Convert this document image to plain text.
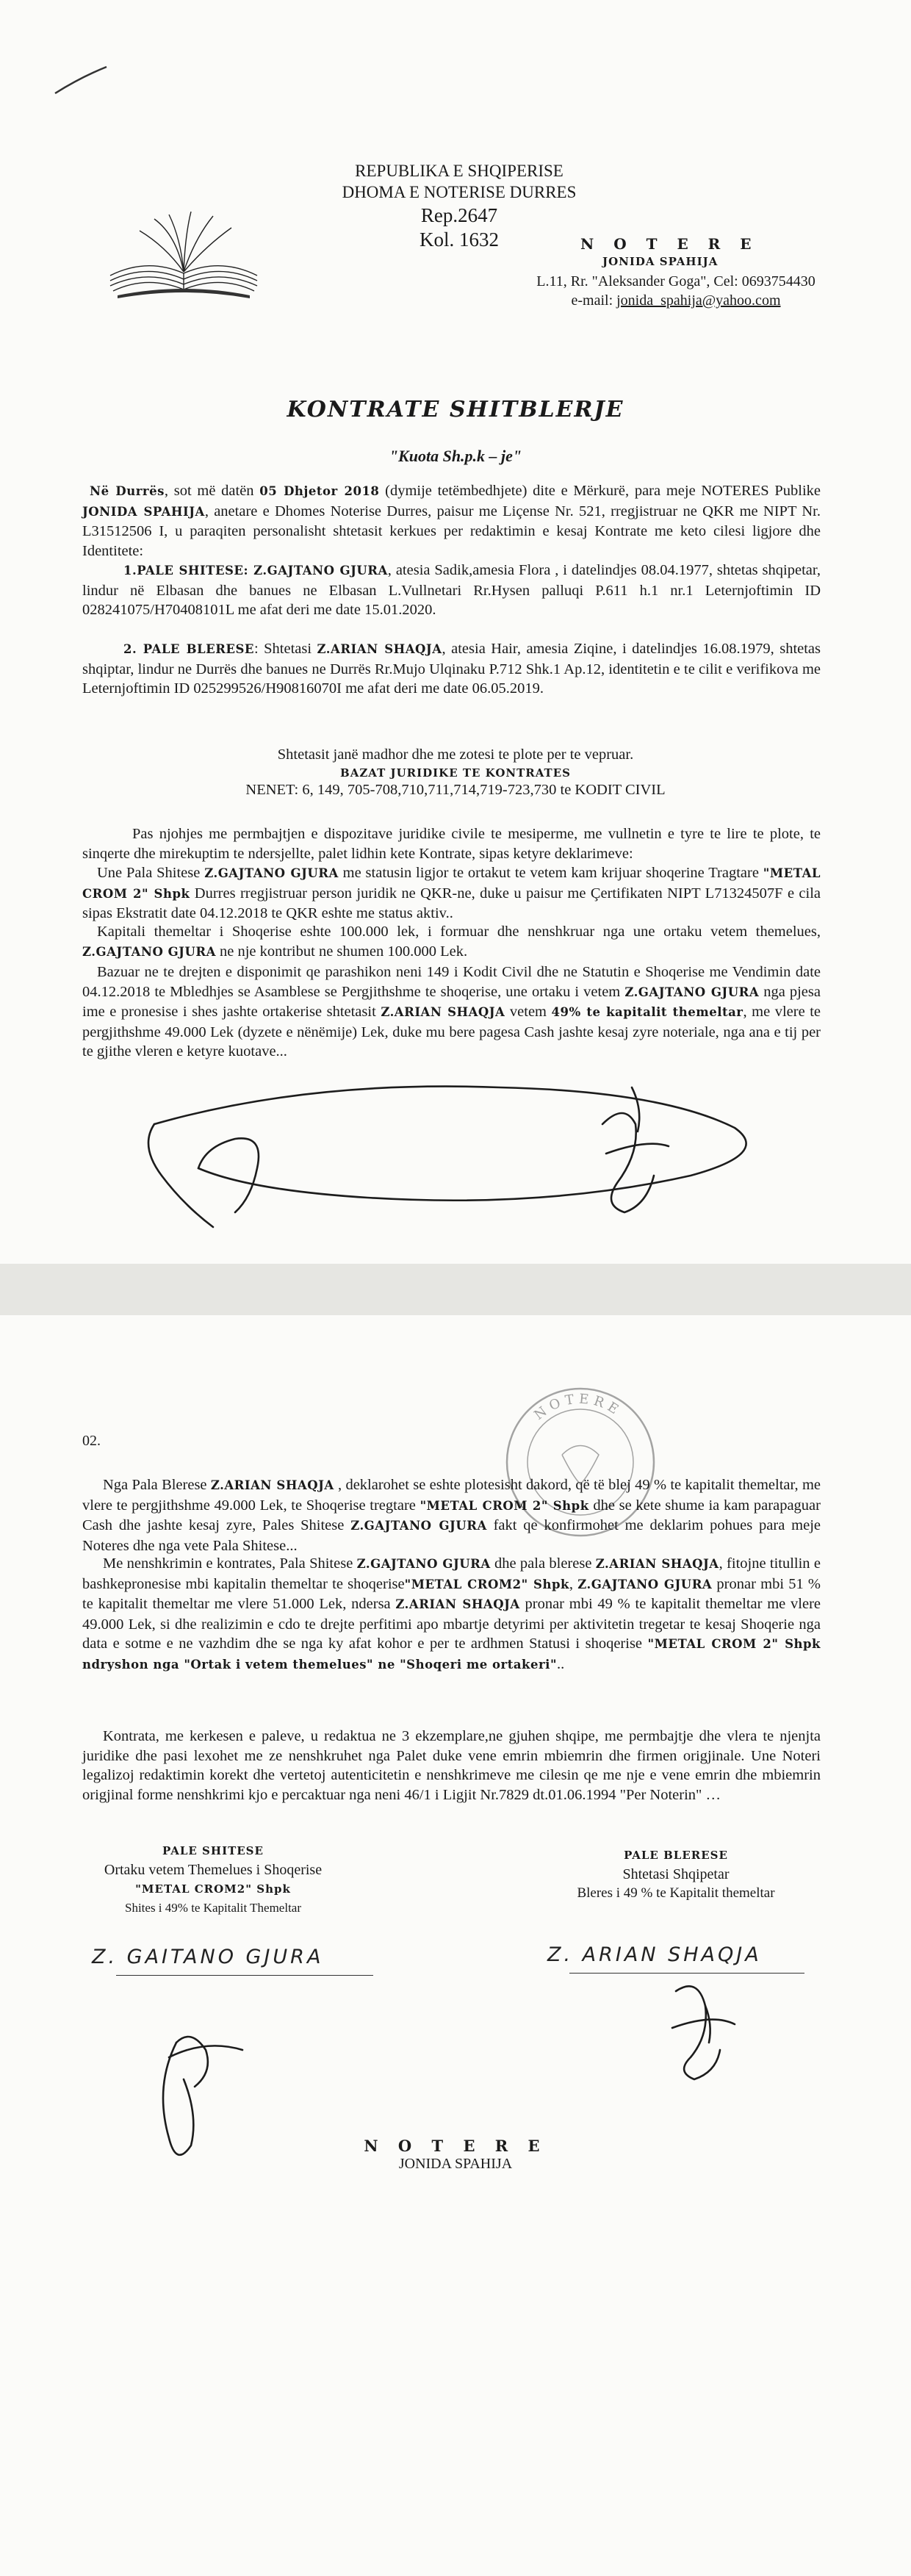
REPUBLIKA E SHQIPERISE
DHOMA E NOTERISE DURRES
Rep.2647
Kol. 1632	N O T E R E
JONIDA SPAHIJA
L.11, Rr. "Aleksander Goga", Cel: 0693754430
e-mail: jonida_spahija@yahoo.com
KONTRATE SHITBLERJE
"Kuota Sh.p.k – je"
Në Durrës, sot më datën 05 Dhjetor 2018 (dymije tetëmbedhjete) dite e Mërkurë, para meje NOTERES Publike JONIDA SPAHIJA, anetare e Dhomes Noterise Durres, paisur me Liçense Nr. 521, rregjistruar ne QKR me NIPT Nr. L31512506 I, u paraqiten personalisht shtetasit kerkues per redaktimin e kesaj Kontrate me keto cilesi ligjore dhe Identitete:
1.PALE SHITESE: Z.GAJTANO GJURA, atesia Sadik,amesia Flora , i datelindjes 08.04.1977, shtetas shqipetar, lindur në Elbasan dhe banues ne Elbasan L.Vullnetari Rr.Hysen palluqi P.611 h.1 nr.1 Leternjoftimin ID 028241075/H70408101L me afat deri me date 15.01.2020.
2. PALE BLERESE: Shtetasi Z.ARIAN SHAQJA, atesia Hair, amesia Ziqine, i datelindjes 16.08.1979, shtetas shqiptar, lindur ne Durrës dhe banues ne Durrës Rr.Mujo Ulqinaku P.712 Shk.1 Ap.12, identitetin e te cilit e verifikova me Leternjoftimin ID 025299526/H90816070I me afat deri me date 06.05.2019.
Shtetasit janë madhor dhe me zotesi te plote per te vepruar.
BAZAT JURIDIKE TE KONTRATES
NENET: 6, 149, 705-708,710,711,714,719-723,730 te KODIT CIVIL
Pas njohjes me permbajtjen e dispozitave juridike civile te mesiperme, me vullnetin e tyre te lire te plote, te sinqerte dhe mirekuptim te ndersjellte, palet lidhin kete Kontrate, sipas ketyre deklarimeve:
Une Pala Shitese Z.GAJTANO GJURA me statusin ligjor te ortakut te vetem kam krijuar shoqerine Tragtare "METAL CROM 2" Shpk Durres rregjistruar person juridik ne QKR-ne, duke u paisur me Çertifikaten NIPT L71324507F e cila sipas Ekstratit date 04.12.2018 te QKR eshte me status aktiv..
Kapitali themeltar i Shoqerise eshte 100.000 lek, i formuar dhe nenshkruar nga une ortaku vetem themelues, Z.GAJTANO GJURA ne nje kontribut ne shumen 100.000 Lek.
Bazuar ne te drejten e disponimit qe parashikon neni 149 i Kodit Civil dhe ne Statutin e Shoqerise me Vendimin date 04.12.2018 te Mbledhjes se Asamblese se Pergjithshme te shoqerise, une ortaku i vetem Z.GAJTANO GJURA nga pjesa ime e pronesise i shes jashte ortakerise shtetasit Z.ARIAN SHAQJA vetem 49% te kapitalit themeltar, me vlere te pergjithshme 49.000 Lek (dyzete e nënëmije) Lek, duke mu bere pagesa Cash jashte kesaj zyre noteriale, nga ana e tij per te gjithe vleren e ketyre kuotave...
NOTERE
02.
Nga Pala Blerese Z.ARIAN SHAQJA , deklarohet se eshte plotesisht dakord, që të blej 49 % te kapitalit themeltar, me vlere te pergjithshme 49.000 Lek, te Shoqerise tregtare "METAL CROM 2" Shpk dhe se kete shume ia kam parapaguar Cash dhe jashte kesaj zyre, Pales Shitese Z.GAJTANO GJURA fakt qe konfirmohet me deklarim pohues para meje Noteres dhe nga vete Pala Shitese...
Me nenshkrimin e kontrates, Pala Shitese Z.GAJTANO GJURA dhe pala blerese Z.ARIAN SHAQJA, fitojne titullin e bashkepronesise mbi kapitalin themeltar te shoqerise"METAL CROM2" Shpk, Z.GAJTANO GJURA pronar mbi 51 % te kapitalit themeltar me vlere 51.000 Lek, ndersa Z.ARIAN SHAQJA pronar mbi 49 % te kapitalit themeltar me vlere 49.000 Lek, si dhe realizimin e cdo te drejte perfitimi apo mbartje detyrimi per aktivitetin tregetar te kesaj Shoqerie nga data e sotme e ne vazhdim dhe se nga ky afat kohor e per te ardhmen Statusi i shoqerise "METAL CROM 2" Shpk ndryshon nga "Ortak i vetem themelues" ne "Shoqeri me ortakeri"..
Kontrata, me kerkesen e paleve, u redaktua ne 3 ekzemplare,ne gjuhen shqipe, me permbajtje dhe vlera te njenjta juridike dhe pasi lexohet me ze nenshkruhet nga Palet duke vene emrin mbiemrin dhe firmen origjinale. Une Noteri legalizoj redaktimin korekt dhe vertetoj autenticitetin e nenshkrimeve me cilesin qe me nje e vene emrin dhe mbiemrin origjinal forme nenshkrimi kjo e percaktuar nga neni 46/1 i Ligjit Nr.7829 dt.01.06.1994 "Per Noterin" …
PALE SHITESE
Ortaku vetem Themelues i Shoqerise
"METAL CROM2" Shpk
Shites i 49% te Kapitalit Themeltar
PALE BLERESE
Shtetasi Shqipetar
Bleres i 49 % te Kapitalit themeltar
Z. GAITANO GJURA	Z. ARIAN SHAQJA
N O T E R E
JONIDA SPAHIJA
